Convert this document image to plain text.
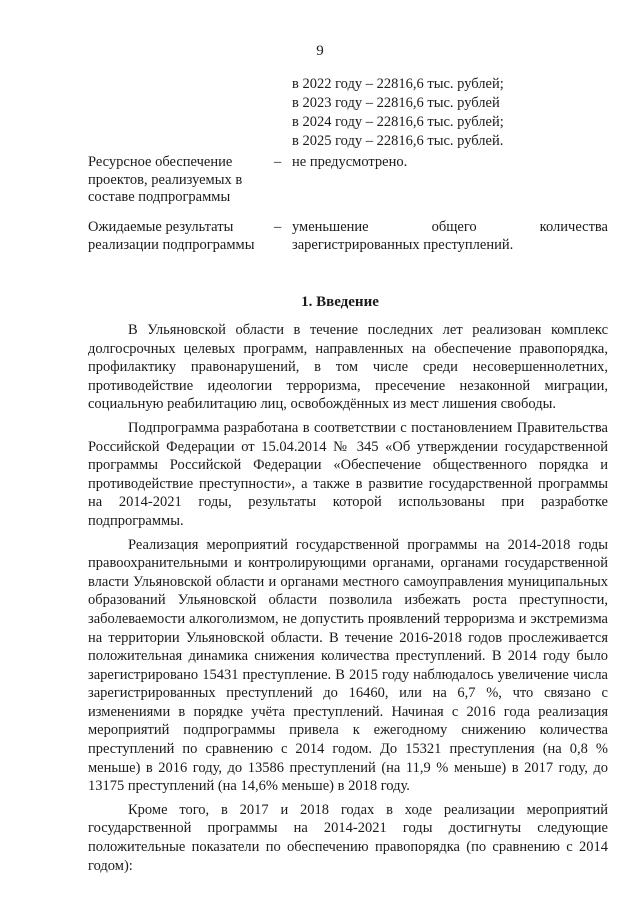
9
в 2022 году – 22816,6 тыс. рублей;
в 2023 году – 22816,6 тыс. рублей
в 2024 году – 22816,6 тыс. рублей;
в 2025 году – 22816,6 тыс. рублей.
Ресурсное обеспечение проектов, реализуемых в составе подпрограммы
– не предусмотрено.
Ожидаемые результаты реализации подпрограммы
– уменьшение общего количества зарегистрированных преступлений.
1. Введение

В Ульяновской области в течение последних лет реализован комплекс долгосрочных целевых программ, направленных на обеспечение правопорядка, профилактику правонарушений, в том числе среди несовершеннолетних, противодействие идеологии терроризма, пресечение незаконной миграции, социальную реабилитацию лиц, освобождённых из мест лишения свободы.

Подпрограмма разработана в соответствии с постановлением Правительства Российской Федерации от 15.04.2014 № 345 «Об утверждении государственной программы Российской Федерации «Обеспечение общественного порядка и противодействие преступности», а также в развитие государственной программы на 2014-2021 годы, результаты которой использованы при разработке подпрограммы.

Реализация мероприятий государственной программы на 2014-2018 годы правоохранительными и контролирующими органами, органами государственной власти Ульяновской области и органами местного самоуправления муниципальных образований Ульяновской области позволила избежать роста преступности, заболеваемости алкоголизмом, не допустить проявлений терроризма и экстремизма на территории Ульяновской области. В течение 2016-2018 годов прослеживается положительная динамика снижения количества преступлений. В 2014 году было зарегистрировано 15431 преступление. В 2015 году наблюдалось увеличение числа зарегистрированных преступлений до 16460, или на 6,7 %, что связано с изменениями в порядке учёта преступлений. Начиная с 2016 года реализация мероприятий подпрограммы привела к ежегодному снижению количества преступлений по сравнению с 2014 годом. До 15321 преступления (на 0,8 % меньше) в 2016 году, до 13586 преступлений (на 11,9 % меньше) в 2017 году, до 13175 преступлений (на 14,6% меньше) в 2018 году.

Кроме того, в 2017 и 2018 годах в ходе реализации мероприятий государственной программы на 2014-2021 годы достигнуты следующие положительные показатели по обеспечению правопорядка (по сравнению с 2014 годом):
